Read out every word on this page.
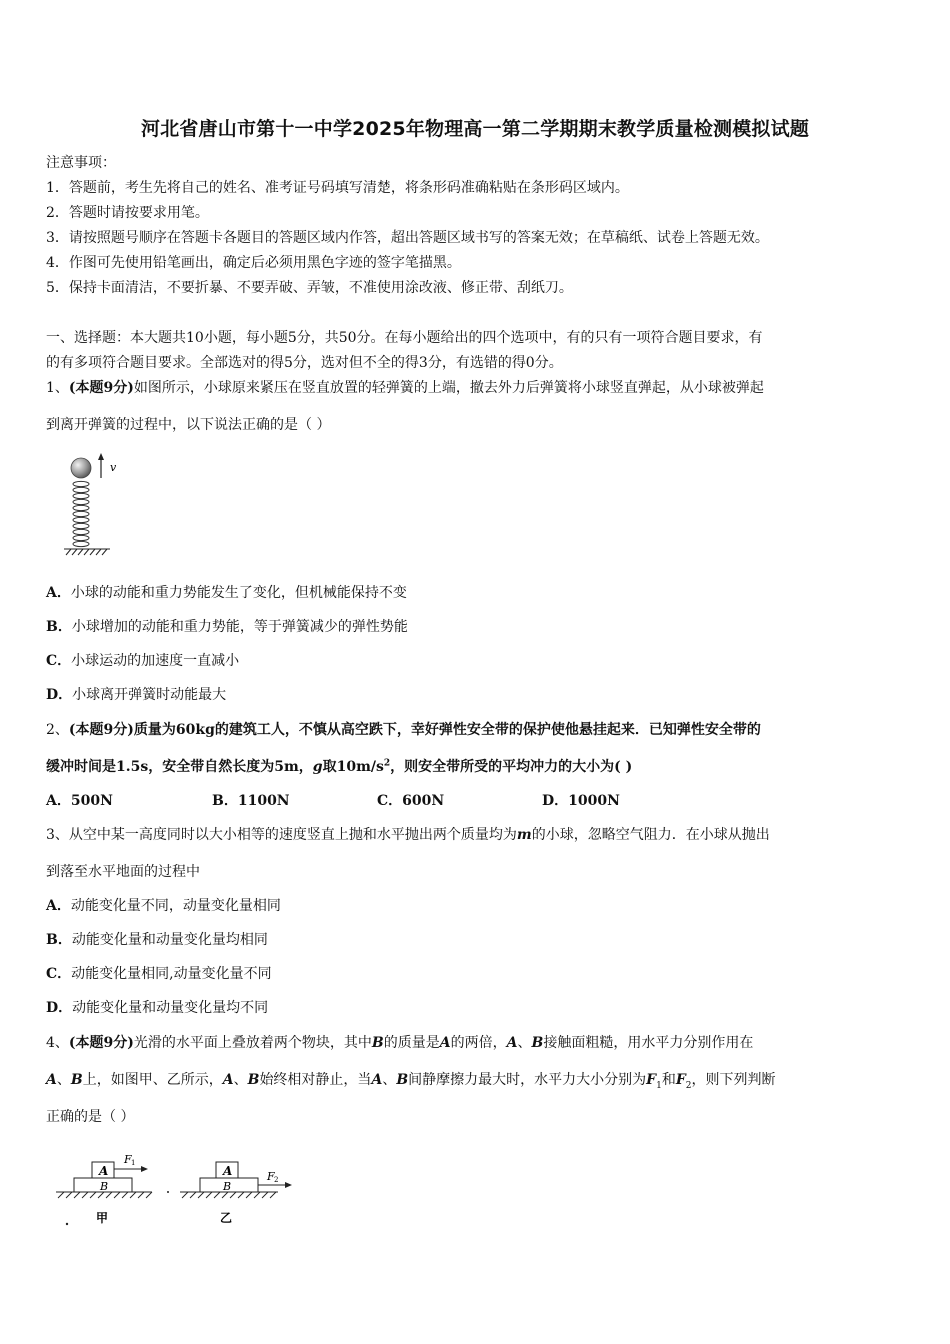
河北省唐山市第十一中学2025年物理高一第二学期期末教学质量检测模拟试题
注意事项：
1．答题前，考生先将自己的姓名、准考证号码填写清楚，将条形码准确粘贴在条形码区域内。
2．答题时请按要求用笔。
3．请按照题号顺序在答题卡各题目的答题区域内作答，超出答题区域书写的答案无效；在草稿纸、试卷上答题无效。
4．作图可先使用铅笔画出，确定后必须用黑色字迹的签字笔描黑。
5．保持卡面清洁，不要折暴、不要弄破、弄皱，不准使用涂改液、修正带、刮纸刀。
一、选择题：本大题共10小题，每小题5分，共50分。在每小题给出的四个选项中，有的只有一项符合题目要求，有
的有多项符合题目要求。全部选对的得5分，选对但不全的得3分，有选错的得0分。
1、(本题9分)如图所示，小球原来紧压在竖直放置的轻弹簧的上端，撤去外力后弹簧将小球竖直弹起，从小球被弹起
到离开弹簧的过程中，以下说法正确的是（ ）
v
A．小球的动能和重力势能发生了变化，但机械能保持不变
B．小球增加的动能和重力势能，等于弹簧减少的弹性势能
C．小球运动的加速度一直减小
D．小球离开弹簧时动能最大
2、(本题9分)质量为60kg的建筑工人，不慎从高空跌下，幸好弹性安全带的保护使他悬挂起来．已知弹性安全带的
缓冲时间是1.5s，安全带自然长度为5m，g取$10m/s^2$，则安全带所受的平均冲力的大小为( )
A．500N	B．1100N	C．600N	D．1000N
3、从空中某一高度同时以大小相等的速度竖直上抛和水平抛出两个质量均为m的小球，忽略空气阻力．在小球从抛出
到落至水平地面的过程中
A．动能变化量不同，动量变化量相同
B．动能变化量和动量变化量均相同
C．动能变化量相同,动量变化量不同
D．动能变化量和动量变化量均不同
4、(本题9分)光滑的水平面上叠放着两个物块，其中B的质量是A的两倍，A、B接触面粗糙，用水平力分别作用在
A、B上，如图甲、乙所示，A、B始终相对静止，当A、B间静摩擦力最大时，水平力大小分别为$F_1$和$F_2$，则下列判断
正确的是（ ）
A
B
F 1
甲
A
B
F 2
乙
